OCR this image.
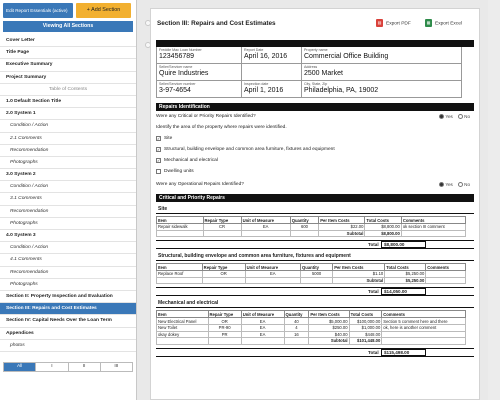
Edit Report Essentials (active)	+ Add Section
Viewing All Sections
Cover Letter
Title Page
Executive Summary
Project Summary
Table of Contents
1.0 Default Section Title
2.0 System 1
Condition / Action
2.1 Comments
Recommendation
Photographs
3.0 System 2
Condition / Action
3.1 Comments
Recommendation
Photographs
4.0 System 3
Condition / Action
4.1 Comments
Recommendation
Photographs
Section II: Property Inspection and Evaluation
Section III: Repairs and Cost Estimates
Section IV: Capital Needs Over the Loan Term
Appendices
photos
All	I	II	III
Section III: Repairs and Cost Estimates	▤ Export PDF	▦ Export Excel
Freddie Mac Loan Number
123456789
Report Date
April 16, 2016
Property name
Commercial Office Building
Seller/Servicer name
Quire Industries
Address
2500 Market
Seller/Servicer number
3-97-4654
Inspection date
April 1, 2016
City, State, Zip
Philadelphia, PA, 19002
Repairs Identification
Were any Critical or Priority Repairs Identified?	Yes No
Identify the area of the property where repairs were identified.
✓ Site
✓ Structural, building envelope and common area furniture, fixtures and equipment
✓ Mechanical and electrical
Dwelling units
Were any Operational Repairs Identified?	Yes No
Critical and Priority Repairs
Site
Item	Repair Type	Unit of Measure	Quantity	Per Item Costs	Total Costs	Comments
Repair sidewalk	CR	EA	600	$22.00	$8,800.00	ok section III comment
				Subtotal	$8,800.00	
Total	$8,800.00
Structural, building envelope and common area furniture, fixtures and equipment
Item	Repair Type	Unit of Measure	Quantity	Per Item Costs	Total Costs	Comments
Replace Roof	OR	EA	5000	$1.10	$5,250.00	
				Subtotal	$5,250.00	
Total	$14,050.00
Mechanical and electrical
Item	Repair Type	Unit of Measure	Quantity	Per Item Costs	Total Costs	Comments
New Electrical Panel	OR	EA	40	$5,000.00	$100,000.00	Section 5 comment here and there
New Toilet	PR-90	EA	4	$250.00	$1,000.00	ok, here is another comment
okay dokey	PR	EA	16	$40.00	$448.00	
				Subtotal	$101,448.00	
Total	$115,498.00
